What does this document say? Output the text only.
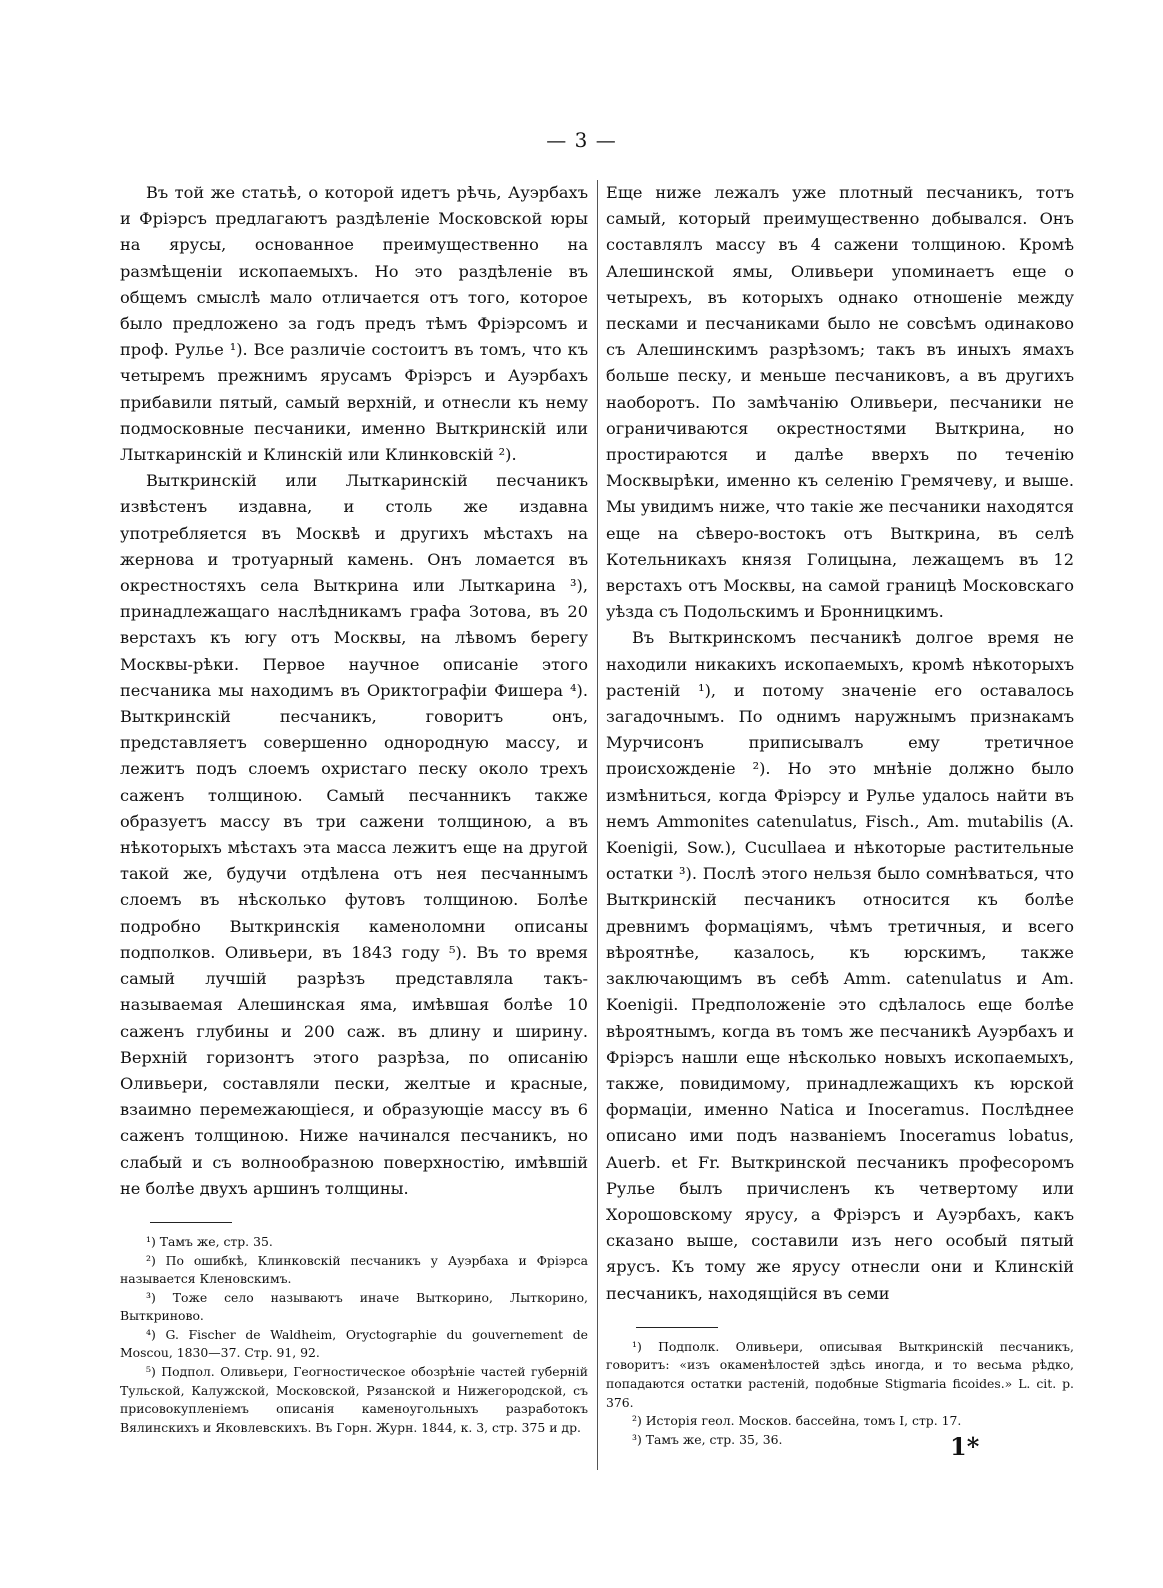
— 3 —

Въ той же статьѣ, о которой идетъ рѣчь, Ауэрбахъ и Фріэрсъ предлагаютъ раздѣленіе Московской юры на ярусы, основанное преимущественно на размѣщеніи ископаемыхъ. Но это раздѣленіе въ общемъ смыслѣ мало отличается отъ того, которое было предложено за годъ предъ тѣмъ Фріэрсомъ и проф. Рулье ¹). Все различіе состоитъ въ томъ, что къ четыремъ прежнимъ ярусамъ Фріэрсъ и Ауэрбахъ прибавили пятый, самый верхній, и отнесли къ нему подмосковные песчаники, именно Выткринскій или Лыткаринскій и Клинскій или Клинковскій ²).

Выткринскій или Лыткаринскій песчаникъ извѣстенъ издавна, и столь же издавна употребляется въ Москвѣ и другихъ мѣстахъ на жернова и тротуарный камень. Онъ ломается въ окрестностяхъ села Выткрина или Лыткарина ³), принадлежащаго наслѣдникамъ графа Зотова, въ 20 верстахъ къ югу отъ Москвы, на лѣвомъ берегу Москвы-рѣки. Первое научное описаніе этого песчаника мы находимъ въ Ориктографіи Фишера ⁴). Выткринскій песчаникъ, говоритъ онъ, представляетъ совершенно однородную массу, и лежитъ подъ слоемъ охристаго песку около трехъ саженъ толщиною. Самый песчанникъ также образуетъ массу въ три сажени толщиною, а въ нѣкоторыхъ мѣстахъ эта масса лежитъ еще на другой такой же, будучи отдѣлена отъ нея песчаннымъ слоемъ въ нѣсколько футовъ толщиною. Болѣе подробно Выткринскія каменоломни описаны подполков. Оливьери, въ 1843 году ⁵). Въ то время самый лучшій разрѣзъ представляла такъ-называемая Алешинская яма, имѣвшая болѣе 10 саженъ глубины и 200 саж. въ длину и ширину. Верхній горизонтъ этого разрѣза, по описанію Оливьери, составляли пески, желтые и красные, взаимно перемежающіеся, и образующіе массу въ 6 саженъ толщиною. Ниже начинался песчаникъ, но слабый и съ волнообразною поверхностію, имѣвшій не болѣе двухъ аршинъ толщины.

¹) Тамъ же, стр. 35.

²) По ошибкѣ, Клинковскій песчаникъ у Ауэрбаха и Фріэрса называется Кленовскимъ.

³) Тоже село называютъ иначе Выткорино, Лыткорино, Выткриново.

⁴) G. Fischer de Waldheim, Oryctographie du gouvernement de Moscou, 1830—37. Стр. 91, 92.

⁵) Подпол. Оливьери, Геогностическое обозрѣніе частей губерній Тульской, Калужской, Московской, Рязанской и Нижегородской, съ присовокупленіемъ описанія каменоугольныхъ разработокъ Вялинскихъ и Яковлевскихъ. Въ Горн. Журн. 1844, к. 3, стр. 375 и др.

Еще ниже лежалъ уже плотный песчаникъ, тотъ самый, который преимущественно добывался. Онъ составлялъ массу въ 4 сажени толщиною. Кромѣ Алешинской ямы, Оливьери упоминаетъ еще о четырехъ, въ которыхъ однако отношеніе между песками и песчаниками было не совсѣмъ одинаково съ Алешинскимъ разрѣзомъ; такъ въ иныхъ ямахъ больше песку, и меньше песчаниковъ, а въ другихъ наоборотъ. По замѣчанію Оливьери, песчаники не ограничиваются окрестностями Выткрина, но простираются и далѣе вверхъ по теченію Москвырѣки, именно къ селенію Гремячеву, и выше. Мы увидимъ ниже, что такіе же песчаники находятся еще на сѣверо-востокъ отъ Выткрина, въ селѣ Котельникахъ князя Голицына, лежащемъ въ 12 верстахъ отъ Москвы, на самой границѣ Московскаго уѣзда съ Подольскимъ и Бронницкимъ.

Въ Выткринскомъ песчаникѣ долгое время не находили никакихъ ископаемыхъ, кромѣ нѣкоторыхъ растеній ¹), и потому значеніе его оставалось загадочнымъ. По однимъ наружнымъ признакамъ Мурчисонъ приписывалъ ему третичное происхожденіе ²). Но это мнѣніе должно было измѣниться, когда Фріэрсу и Рулье удалось найти въ немъ Ammonites catenulatus, Fisch., Am. mutabilis (A. Koenigii, Sow.), Cucullaea и нѣкоторые растительные остатки ³). Послѣ этого нельзя было сомнѣваться, что Выткринскій песчаникъ относится къ болѣе древнимъ формаціямъ, чѣмъ третичныя, и всего вѣроятнѣе, казалось, къ юрскимъ, также заключающимъ въ себѣ Amm. catenulatus и Am. Koenigii. Предположеніе это сдѣлалось еще болѣе вѣроятнымъ, когда въ томъ же песчаникѣ Ауэрбахъ и Фріэрсъ нашли еще нѣсколько новыхъ ископаемыхъ, также, повидимому, принадлежащихъ къ юрской формаціи, именно Natica и Inoceramus. Послѣднее описано ими подъ названіемъ Inoceramus lobatus, Auerb. et Fr. Выткринской песчаникъ професоромъ Рулье былъ причисленъ къ четвертому или Хорошовскому ярусу, а Фріэрсъ и Ауэрбахъ, какъ сказано выше, составили изъ него особый пятый ярусъ. Къ тому же ярусу отнесли они и Клинскій песчаникъ, находящійся въ семи

¹) Подполк. Оливьери, описывая Выткринскій песчаникъ, говоритъ: «изъ окаменѣлостей здѣсь иногда, и то весьма рѣдко, попадаются остатки растеній, подобные Stigmaria ficoides.» L. cit. p. 376.

²) Исторія геол. Москов. бассейна, томъ I, стр. 17.

³) Тамъ же, стр. 35, 36.	1*
